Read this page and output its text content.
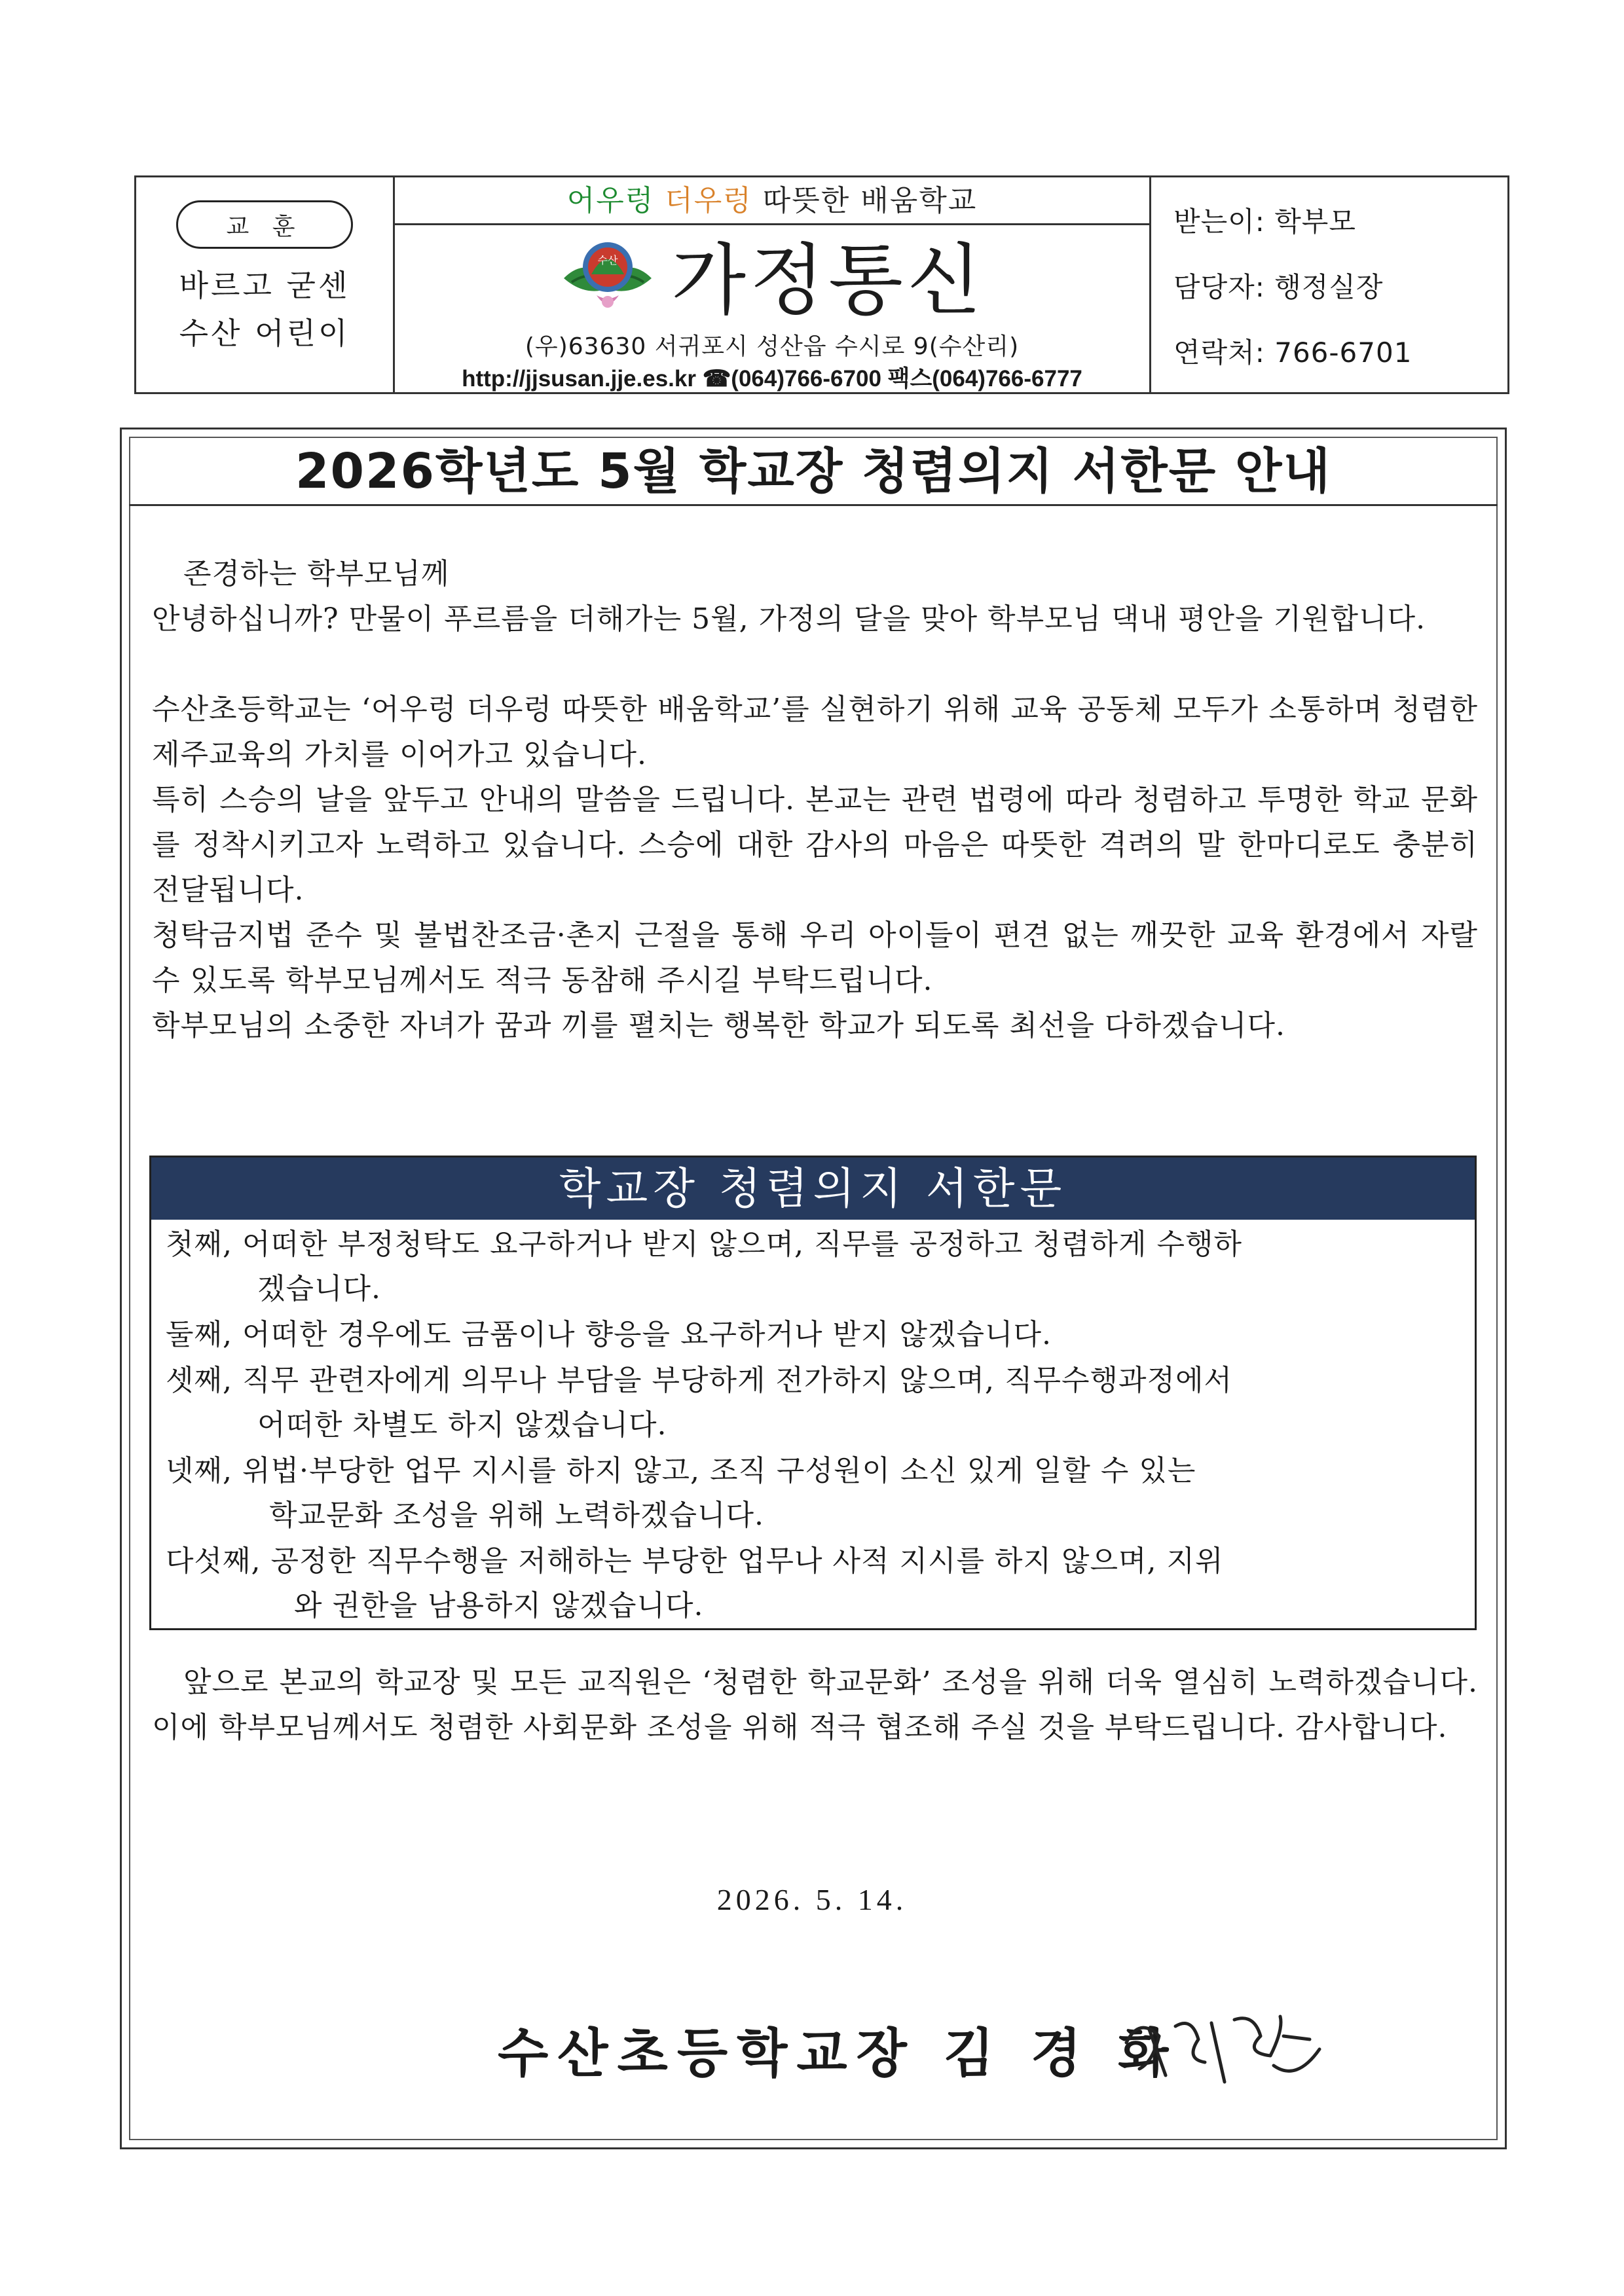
교 훈
바르고 굳센
수산 어린이
어우렁 더우렁 따뜻한 배움학교
수산 가정통신
(우)63630 서귀포시 성산읍 수시로 9(수산리)
http://jjsusan.jje.es.kr ☎(064)766-6700 팩스(064)766-6777
받는이: 학부모
담당자: 행정실장
연락처: 766-6701
2026학년도 5월 학교장 청렴의지 서한문 안내

존경하는 학부모님께

안녕하십니까? 만물이 푸르름을 더해가는 5월, 가정의 달을 맞아 학부모님 댁내 평안을 기원합니다.

수산초등학교는 ‘어우렁 더우렁 따뜻한 배움학교’를 실현하기 위해 교육 공동체 모두가 소통하며 청렴한 제주교육의 가치를 이어가고 있습니다.

특히 스승의 날을 앞두고 안내의 말씀을 드립니다. 본교는 관련 법령에 따라 청렴하고 투명한 학교 문화를 정착시키고자 노력하고 있습니다. 스승에 대한 감사의 마음은 따뜻한 격려의 말 한마디로도 충분히 전달됩니다.

청탁금지법 준수 및 불법찬조금·촌지 근절을 통해 우리 아이들이 편견 없는 깨끗한 교육 환경에서 자랄 수 있도록 학부모님께서도 적극 동참해 주시길 부탁드립니다.

학부모님의 소중한 자녀가 꿈과 끼를 펼치는 행복한 학교가 되도록 최선을 다하겠습니다.

학교장 청렴의지 서한문
첫째, 어떠한 부정청탁도 요구하거나 받지 않으며, 직무를 공정하고 청렴하게 수행하
겠습니다.
둘째, 어떠한 경우에도 금품이나 향응을 요구하거나 받지 않겠습니다.
셋째, 직무 관련자에게 의무나 부담을 부당하게 전가하지 않으며, 직무수행과정에서
어떠한 차별도 하지 않겠습니다.
넷째, 위법·부당한 업무 지시를 하지 않고, 조직 구성원이 소신 있게 일할 수 있는
학교문화 조성을 위해 노력하겠습니다.
다섯째, 공정한 직무수행을 저해하는 부당한 업무나 사적 지시를 하지 않으며, 지위
와 권한을 남용하지 않겠습니다.

앞으로 본교의 학교장 및 모든 교직원은 ‘청렴한 학교문화’ 조성을 위해 더욱 열심히 노력하겠습니다. 이에 학부모님께서도 청렴한 사회문화 조성을 위해 적극 협조해 주실 것을 부탁드립니다. 감사합니다.

2026. 5. 14.
수산초등학교장 김 경 화
